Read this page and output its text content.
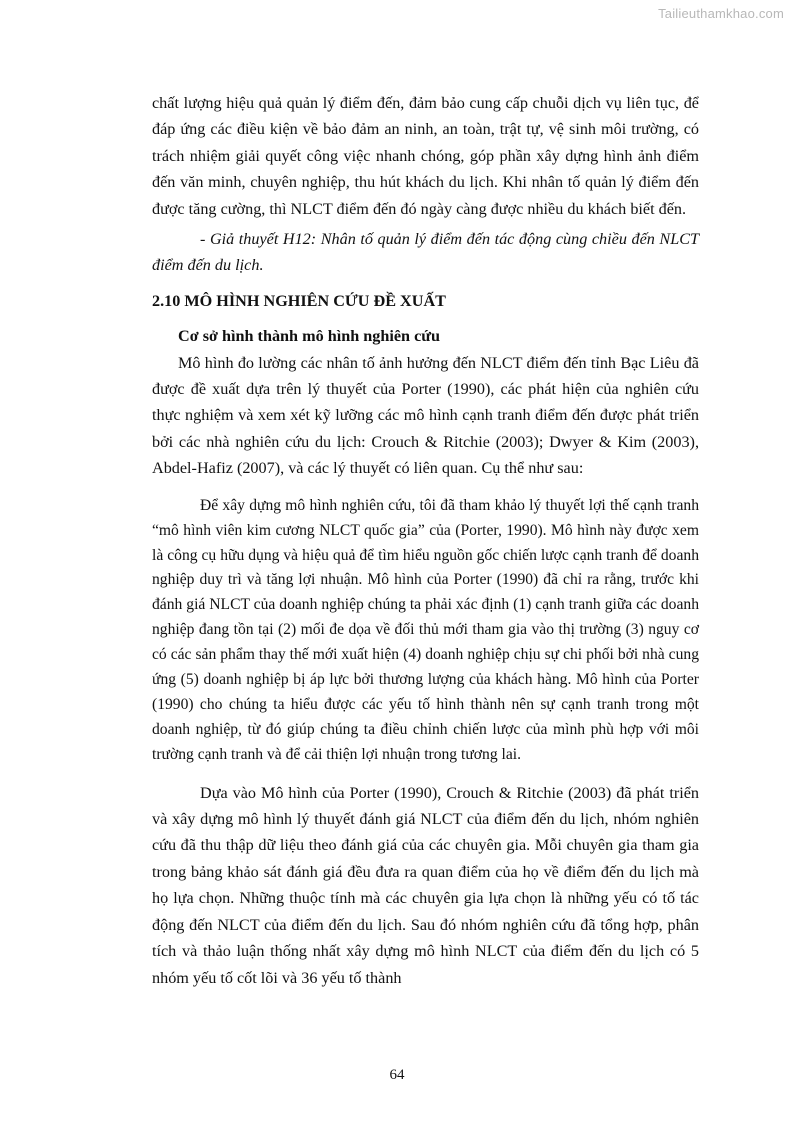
Tailieuthamkhao.com

chất lượng hiệu quả quản lý điểm đến, đảm bảo cung cấp chuỗi dịch vụ liên tục, để đáp ứng các điều kiện về bảo đảm an ninh, an toàn, trật tự, vệ sinh môi trường, có trách nhiệm giải quyết công việc nhanh chóng, góp phần xây dựng hình ảnh điểm đến văn minh, chuyên nghiệp, thu hút khách du lịch. Khi nhân tố quản lý điểm đến được tăng cường, thì NLCT điểm đến đó ngày càng được nhiều du khách biết đến.

- Giả thuyết H12: Nhân tố quản lý điểm đến tác động cùng chiều đến NLCT điểm đến du lịch.

2.10 MÔ HÌNH NGHIÊN CỨU ĐỀ XUẤT

Cơ sở hình thành mô hình nghiên cứu

Mô hình đo lường các nhân tố ảnh hưởng đến NLCT điểm đến tỉnh Bạc Liêu đã được đề xuất dựa trên lý thuyết của Porter (1990), các phát hiện của nghiên cứu thực nghiệm và xem xét kỹ lưỡng các mô hình cạnh tranh điểm đến được phát triển bởi các nhà nghiên cứu du lịch: Crouch & Ritchie (2003); Dwyer & Kim (2003), Abdel-Hafiz (2007), và các lý thuyết có liên quan. Cụ thể như sau:

Để xây dựng mô hình nghiên cứu, tôi đã tham khảo lý thuyết lợi thế cạnh tranh “mô hình viên kim cương NLCT quốc gia” của (Porter, 1990). Mô hình này được xem là công cụ hữu dụng và hiệu quả để tìm hiểu nguồn gốc chiến lược cạnh tranh để doanh nghiệp duy trì và tăng lợi nhuận. Mô hình của Porter (1990) đã chỉ ra rằng, trước khi đánh giá NLCT của doanh nghiệp chúng ta phải xác định (1) cạnh tranh giữa các doanh nghiệp đang tồn tại (2) mối đe dọa về đối thủ mới tham gia vào thị trường (3) nguy cơ có các sản phẩm thay thế mới xuất hiện (4) doanh nghiệp chịu sự chi phối bởi nhà cung ứng (5) doanh nghiệp bị áp lực bởi thương lượng của khách hàng. Mô hình của Porter (1990) cho chúng ta hiểu được các yếu tố hình thành nên sự cạnh tranh trong một doanh nghiệp, từ đó giúp chúng ta điều chỉnh chiến lược của mình phù hợp với môi trường cạnh tranh và để cải thiện lợi nhuận trong tương lai.

Dựa vào Mô hình của Porter (1990), Crouch & Ritchie (2003) đã phát triển và xây dựng mô hình lý thuyết đánh giá NLCT của điểm đến du lịch, nhóm nghiên cứu đã thu thập dữ liệu theo đánh giá của các chuyên gia. Mỗi chuyên gia tham gia trong bảng khảo sát đánh giá đều đưa ra quan điểm của họ về điểm đến du lịch mà họ lựa chọn. Những thuộc tính mà các chuyên gia lựa chọn là những yếu có tố tác động đến NLCT của điểm đến du lịch. Sau đó nhóm nghiên cứu đã tổng hợp, phân tích và thảo luận thống nhất xây dựng mô hình NLCT của điểm đến du lịch có 5 nhóm yếu tố cốt lõi và 36 yếu tố thành

64
